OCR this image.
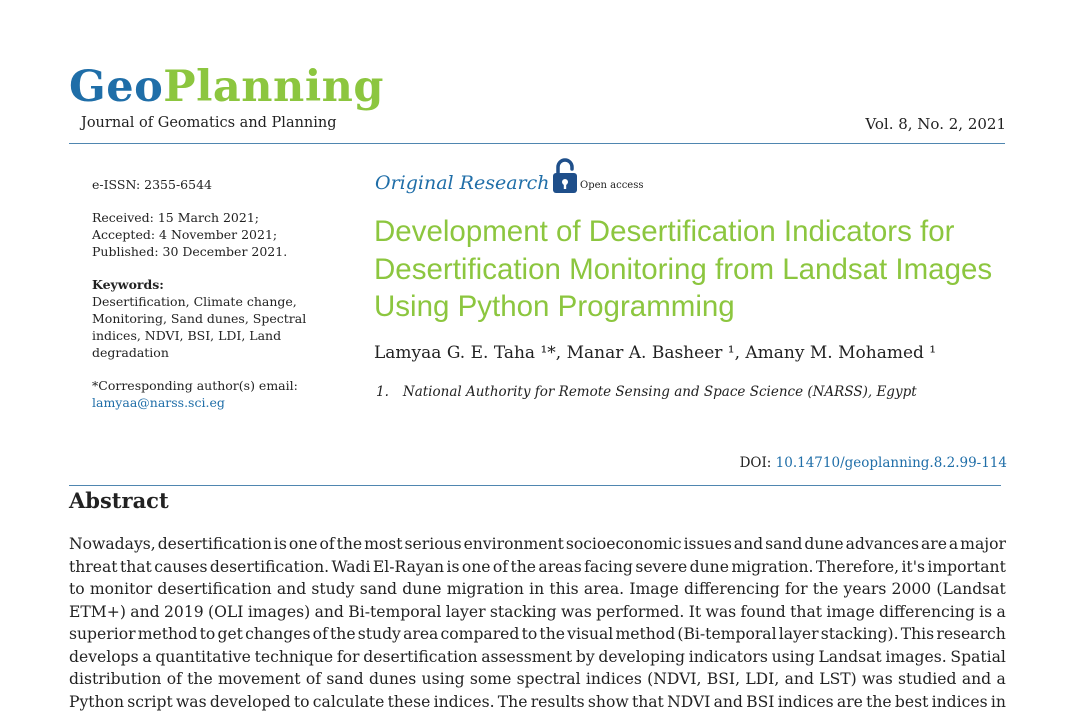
GeoPlanning
Journal of Geomatics and Planning	Vol. 8, No. 2, 2021
e-ISSN: 2355-6544
Received: 15 March 2021;
Accepted: 4 November 2021;
Published: 30 December 2021.
Keywords:
Desertification, Climate change,
Monitoring, Sand dunes, Spectral
indices, NDVI, BSI, LDI, Land
degradation
*Corresponding author(s) email:
lamyaa@narss.sci.eg
Original Research	Open access
Development of Desertification Indicators for
Desertification Monitoring from Landsat Images
Using Python Programming
Lamyaa G. E. Taha ¹*, Manar A. Basheer ¹, Amany M. Mohamed ¹
1. National Authority for Remote Sensing and Space Science (NARSS), Egypt
DOI: 10.14710/geoplanning.8.2.99-114
Abstract
Nowadays, desertification is one of the most serious environment socioeconomic issues and sand dune advances are a major
threat that causes desertification. Wadi El-Rayan is one of the areas facing severe dune migration. Therefore, it's important
to monitor desertification and study sand dune migration in this area. Image differencing for the years 2000 (Landsat
ETM+) and 2019 (OLI images) and Bi-temporal layer stacking was performed. It was found that image differencing is a
superior method to get changes of the study area compared to the visual method (Bi-temporal layer stacking). This research
develops a quantitative technique for desertification assessment by developing indicators using Landsat images. Spatial
distribution of the movement of sand dunes using some spectral indices (NDVI, BSI, LDI, and LST) was studied and a
Python script was developed to calculate these indices. The results show that NDVI and BSI indices are the best indices in
